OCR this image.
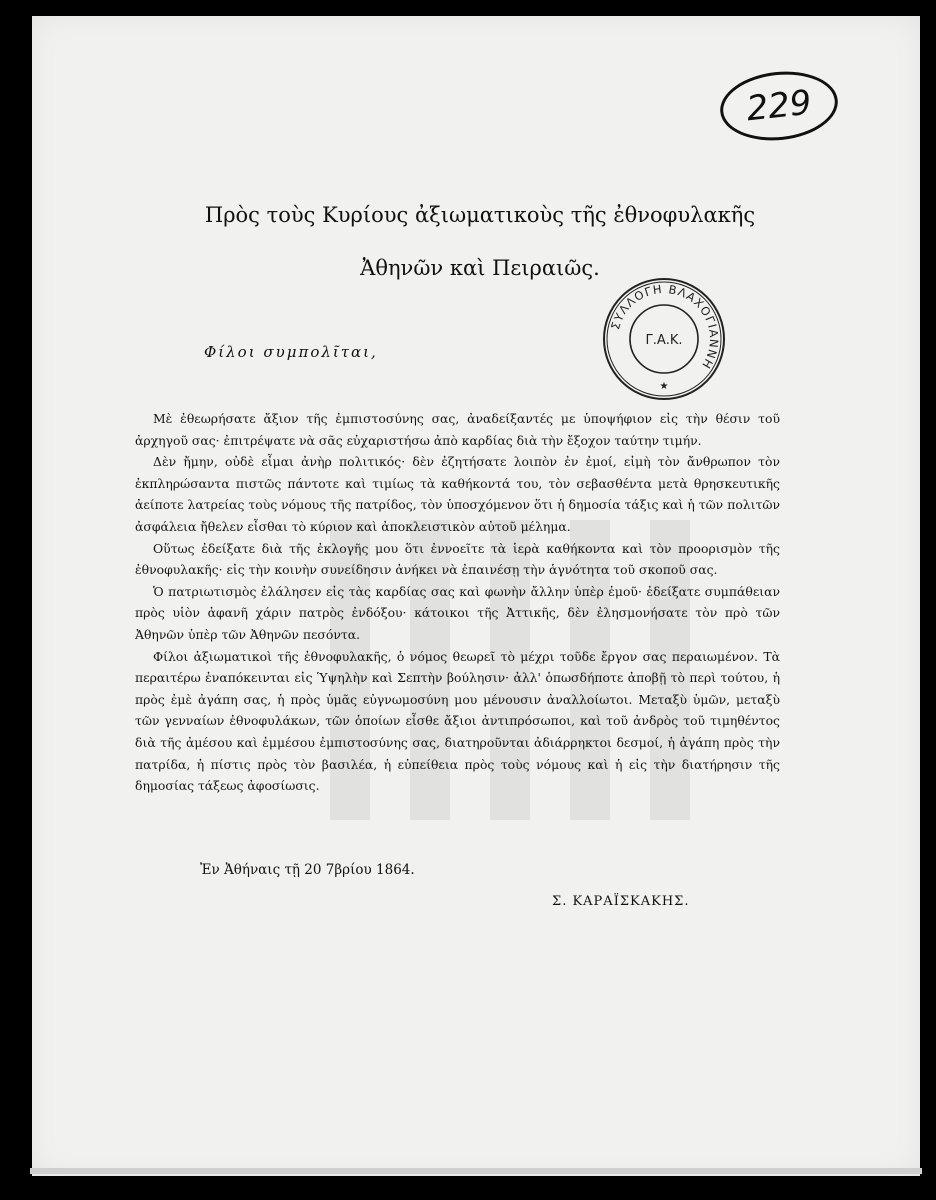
229
Πρὸς τοὺς Κυρίους ἀξιωματικοὺς τῆς ἐθνοφυλακῆς
Ἀθηνῶν καὶ Πειραιῶς.
ΣΥΛΛΟΓΗ ΒΛΑΧΟΓΙΑΝΝΗ
Γ.Α.Κ.
★
Φίλοι συμπολῖται,

Μὲ ἐθεωρήσατε ἄξιον τῆς ἐμπιστοσύνης σας, ἀναδείξαντές με ὑποψήφιον εἰς τὴν θέσιν τοῦ ἀρχηγοῦ σας· ἐπιτρέψατε νὰ σᾶς εὐχαριστήσω ἀπὸ καρδίας διὰ τὴν ἔξοχον ταύτην τιμήν.

Δὲν ἤμην, οὐδὲ εἶμαι ἀνὴρ πολιτικός· δὲν ἐζητήσατε λοιπὸν ἐν ἐμοί, εἰμὴ τὸν ἄνθρωπον τὸν ἐκπληρώσαντα πιστῶς πάντοτε καὶ τιμίως τὰ καθήκοντά του, τὸν σεβασθέντα μετὰ θρησκευτικῆς ἀείποτε λατρείας τοὺς νόμους τῆς πατρίδος, τὸν ὑποσχόμενον ὅτι ἡ δημοσία τάξις καὶ ἡ τῶν πολιτῶν ἀσφάλεια ἤθελεν εἶσθαι τὸ κύριον καὶ ἀποκλειστικὸν αὐτοῦ μέλημα.

Οὕτως ἐδείξατε διὰ τῆς ἐκλογῆς μου ὅτι ἐννοεῖτε τὰ ἱερὰ καθήκοντα καὶ τὸν προορισμὸν τῆς ἐθνοφυλακῆς· εἰς τὴν κοινὴν συνείδησιν ἀνήκει νὰ ἐπαινέσῃ τὴν ἁγνότητα τοῦ σκοποῦ σας.

Ὁ πατριωτισμὸς ἐλάλησεν εἰς τὰς καρδίας σας καὶ φωνὴν ἄλλην ὑπὲρ ἐμοῦ· ἐδείξατε συμπάθειαν πρὸς υἱὸν ἀφανῆ χάριν πατρὸς ἐνδόξου· κάτοικοι τῆς Ἀττικῆς, δὲν ἐλησμονήσατε τὸν πρὸ τῶν Ἀθηνῶν ὑπὲρ τῶν Ἀθηνῶν πεσόντα.

Φίλοι ἀξιωματικοὶ τῆς ἐθνοφυλακῆς, ὁ νόμος θεωρεῖ τὸ μέχρι τοῦδε ἔργον σας περαιωμένον. Τὰ περαιτέρω ἐναπόκεινται εἰς Ὑψηλὴν καὶ Σεπτὴν βούλησιν· ἀλλ' ὁπωσδήποτε ἀποβῇ τὸ περὶ τούτου, ἡ πρὸς ἐμὲ ἀγάπη σας, ἡ πρὸς ὑμᾶς εὐγνωμοσύνη μου μένουσιν ἀναλλοίωτοι. Μεταξὺ ὑμῶν, μεταξὺ τῶν γενναίων ἐθνοφυλάκων, τῶν ὁποίων εἶσθε ἄξιοι ἀντιπρόσωποι, καὶ τοῦ ἀνδρὸς τοῦ τιμηθέντος διὰ τῆς ἀμέσου καὶ ἐμμέσου ἐμπιστοσύνης σας, διατηροῦνται ἀδιάρρηκτοι δεσμοί, ἡ ἀγάπη πρὸς τὴν πατρίδα, ἡ πίστις πρὸς τὸν βασιλέα, ἡ εὐπείθεια πρὸς τοὺς νόμους καὶ ἡ εἰς τὴν διατήρησιν τῆς δημοσίας τάξεως ἀφοσίωσις.

Ἐν Ἀθήναις τῇ 20 7βρίου 1864.
Σ. ΚΑΡΑΪΣΚΑΚΗΣ.
